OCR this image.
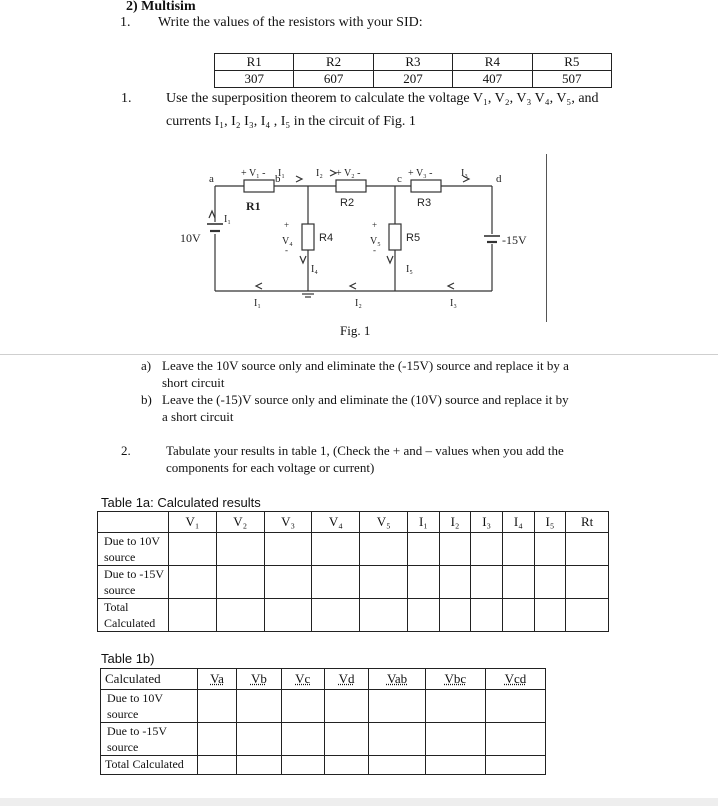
2) Multisim
1. Write the values of the resistors with your SID:
R1	R2	R3	R4	R5
307	607	207	407	507
1. Use the superposition theorem to calculate the voltage V₁, V₂, V₃ V₄, V₅, and
currents I₁, I₂ I₃, I₄ , I₅ in the circuit of Fig. 1
a	b	c	d
+ V₁ - I₁	I₂ + V₂ -	+ V₃ -	I₃
I₁	+
V₄
-
+
V₅
-
I₄	I₅
I₁	I₂	I₃
R1	R2	R3
R4	R5
10V	-15V
Fig. 1
a) Leave the 10V source only and eliminate the (-15V) source and replace it by a
short circuit
b) Leave the (-15)V source only and eliminate the (10V) source and replace it by
a short circuit
2.	Tabulate your results in table 1, (Check the + and – values when you add the
components for each voltage or current)
Table 1a: Calculated results
	V₁	V₂	V₃	V₄	V₅	I₁	I₂	I₃	I₄	I₅	Rt

Due to 10V
source											

Due to -15V
source											

Total
Calculated											

Table 1b)
Calculated	Va	Vb	Vc	Vd	Vab	Vbc	Vcd

Due to 10V
source							

Due to -15V
source							

Total Calculated							
